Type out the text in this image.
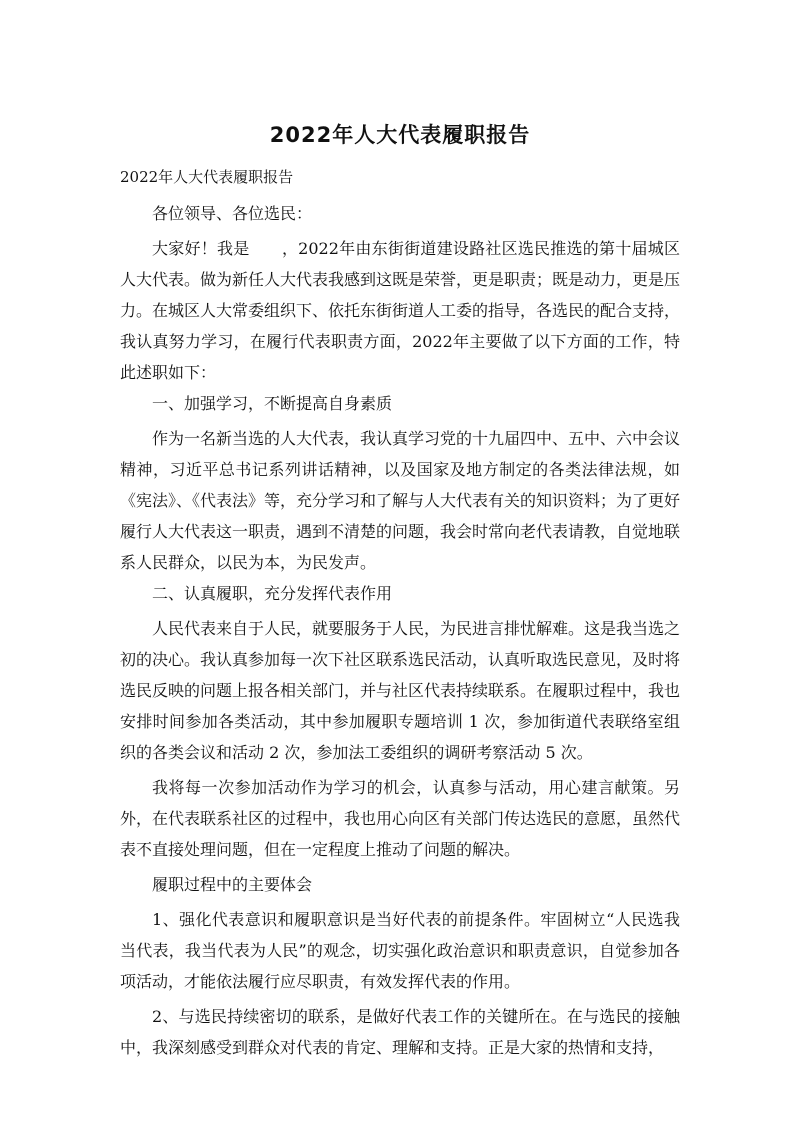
2022年人大代表履职报告
2022年人大代表履职报告

各位领导、各位选民：

大家好！我是　　，2022年由东街街道建设路社区选民推选的第十届城区人大代表。做为新任人大代表我感到这既是荣誉，更是职责；既是动力，更是压力。在城区人大常委组织下、依托东街街道人工委的指导，各选民的配合支持，我认真努力学习，在履行代表职责方面，2022年主要做了以下方面的工作，特此述职如下：

一、加强学习，不断提高自身素质

作为一名新当选的人大代表，我认真学习党的十九届四中、五中、六中会议精神，习近平总书记系列讲话精神，以及国家及地方制定的各类法律法规，如《宪法》、《代表法》等，充分学习和了解与人大代表有关的知识资料；为了更好履行人大代表这一职责，遇到不清楚的问题，我会时常向老代表请教，自觉地联系人民群众，以民为本，为民发声。

二、认真履职，充分发挥代表作用

人民代表来自于人民，就要服务于人民，为民进言排忧解难。这是我当选之初的决心。我认真参加每一次下社区联系选民活动，认真听取选民意见，及时将选民反映的问题上报各相关部门，并与社区代表持续联系。在履职过程中，我也安排时间参加各类活动，其中参加履职专题培训 1 次，参加街道代表联络室组织的各类会议和活动 2 次，参加法工委组织的调研考察活动 5 次。

我将每一次参加活动作为学习的机会，认真参与活动，用心建言献策。另外，在代表联系社区的过程中，我也用心向区有关部门传达选民的意愿，虽然代表不直接处理问题，但在一定程度上推动了问题的解决。

履职过程中的主要体会

1、强化代表意识和履职意识是当好代表的前提条件。牢固树立“人民选我当代表，我当代表为人民”的观念，切实强化政治意识和职责意识，自觉参加各项活动，才能依法履行应尽职责，有效发挥代表的作用。

2、与选民持续密切的联系，是做好代表工作的关键所在。在与选民的接触中，我深刻感受到群众对代表的肯定、理解和支持。正是大家的热情和支持，
